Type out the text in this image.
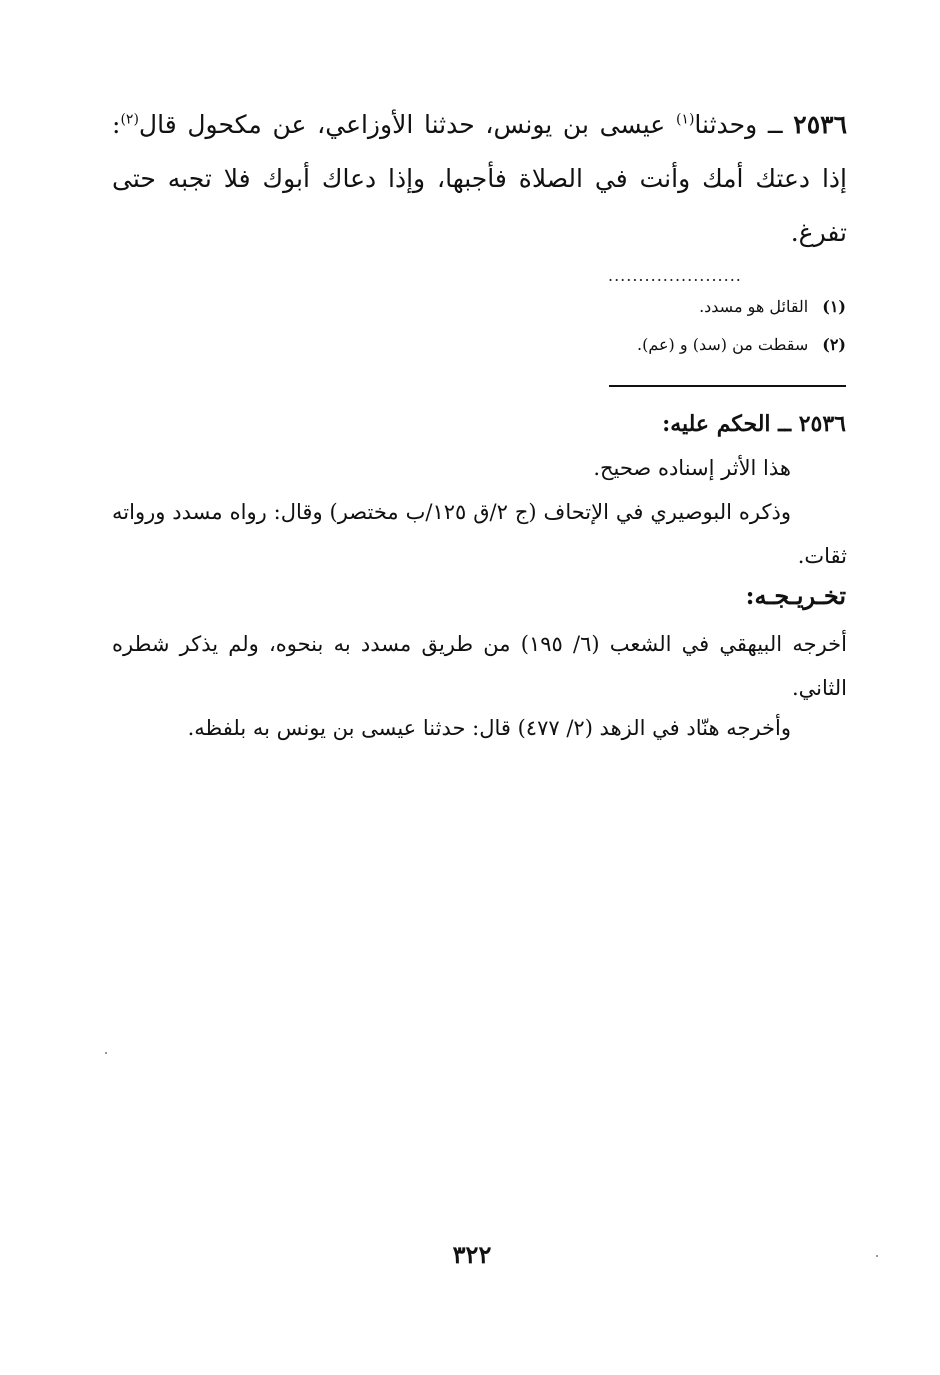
٢٥٣٦ ــ وحدثنا$^{(١)}$ عيسى بن يونس، حدثنا الأوزاعي، عن مكحول قال$^{(٢)}$: إذا دعتك أمك وأنت في الصلاة فأجبها، وإذا دعاك أبوك فلا تجبه حتى تفرغ.
......................
(١)القائل هو مسدد.
(٢)سقطت من (سد) و (عم).
٢٥٣٦ ــ الحكم عليه:
هذا الأثر إسناده صحيح.
وذكره البوصيري في الإتحاف (ج ٢/ق ١٢٥/ب مختصر) وقال: رواه مسدد ورواته ثقات.
تخـريـجـه:
أخرجه البيهقي في الشعب (٦/ ١٩٥) من طريق مسدد به بنحوه، ولم يذكر شطره الثاني.
وأخرجه هنّاد في الزهد (٢/ ٤٧٧) قال: حدثنا عيسى بن يونس به بلفظه.
٣٢٢
